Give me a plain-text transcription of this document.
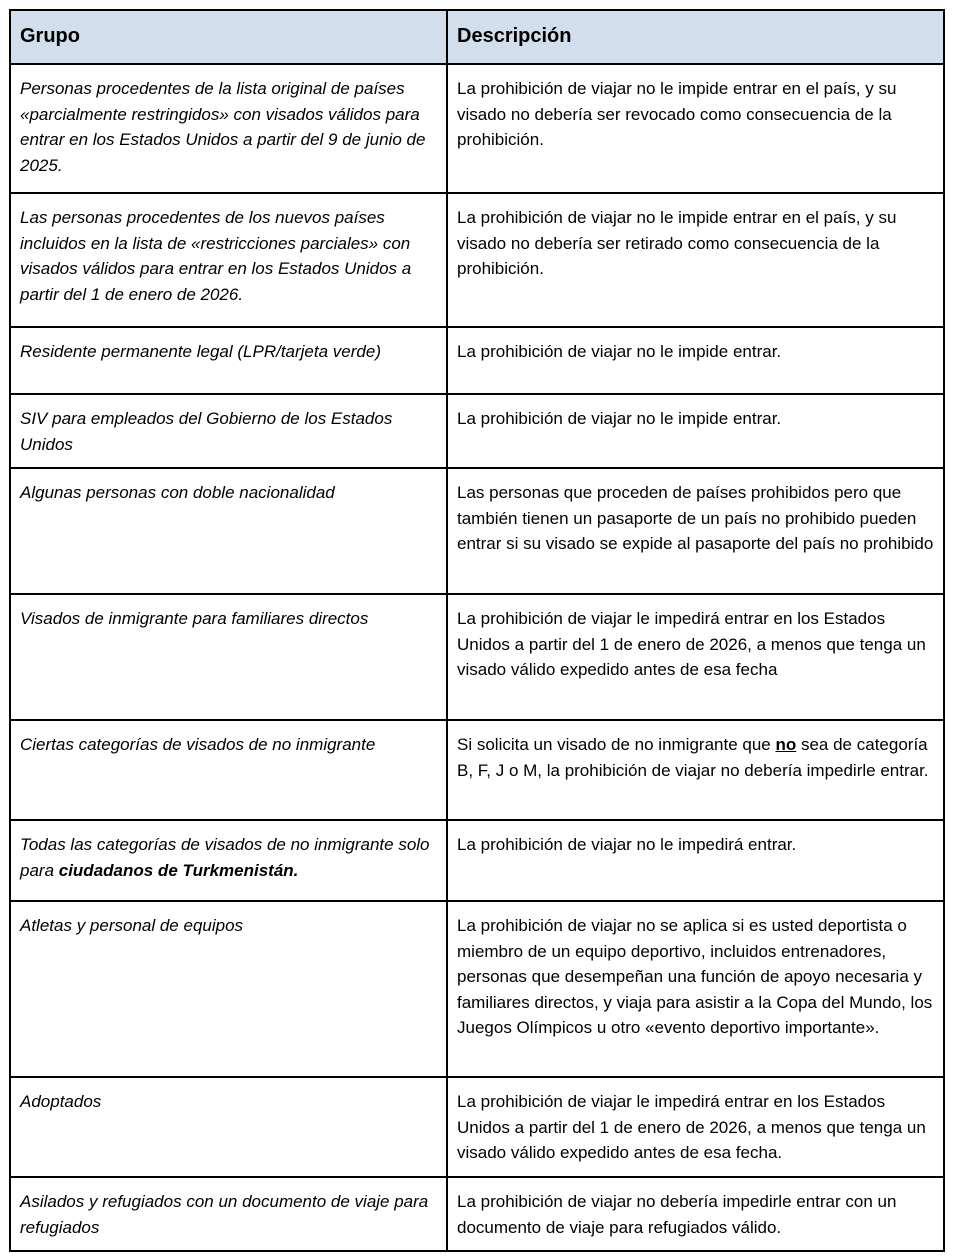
Grupo	Descripción
Personas procedentes de la lista original de países «parcialmente restringidos» con visados válidos para entrar en los Estados Unidos a partir del 9 de junio de 2025.	La prohibición de viajar no le impide entrar en el país, y su visado no debería ser revocado como consecuencia de la prohibición.
Las personas procedentes de los nuevos países incluidos en la lista de «restricciones parciales» con visados válidos para entrar en los Estados Unidos a partir del 1 de enero de 2026.	La prohibición de viajar no le impide entrar en el país, y su visado no debería ser retirado como consecuencia de la prohibición.
Residente permanente legal (LPR/tarjeta verde)	La prohibición de viajar no le impide entrar.
SIV para empleados del Gobierno de los Estados Unidos	La prohibición de viajar no le impide entrar.
Algunas personas con doble nacionalidad	Las personas que proceden de países prohibidos pero que también tienen un pasaporte de un país no prohibido pueden entrar si su visado se expide al pasaporte del país no prohibido
Visados de inmigrante para familiares directos	La prohibición de viajar le impedirá entrar en los Estados Unidos a partir del 1 de enero de 2026, a menos que tenga un visado válido expedido antes de esa fecha
Ciertas categorías de visados de no inmigrante	Si solicita un visado de no inmigrante que no sea de categoría B, F, J o M, la prohibición de viajar no debería impedirle entrar.
Todas las categorías de visados de no inmigrante solo para ciudadanos de Turkmenistán.	La prohibición de viajar no le impedirá entrar.
Atletas y personal de equipos	La prohibición de viajar no se aplica si es usted deportista o miembro de un equipo deportivo, incluidos entrenadores, personas que desempeñan una función de apoyo necesaria y familiares directos, y viaja para asistir a la Copa del Mundo, los Juegos Olímpicos u otro «evento deportivo importante».
Adoptados	La prohibición de viajar le impedirá entrar en los Estados Unidos a partir del 1 de enero de 2026, a menos que tenga un visado válido expedido antes de esa fecha.
Asilados y refugiados con un documento de viaje para refugiados	La prohibición de viajar no debería impedirle entrar con un documento de viaje para refugiados válido.
